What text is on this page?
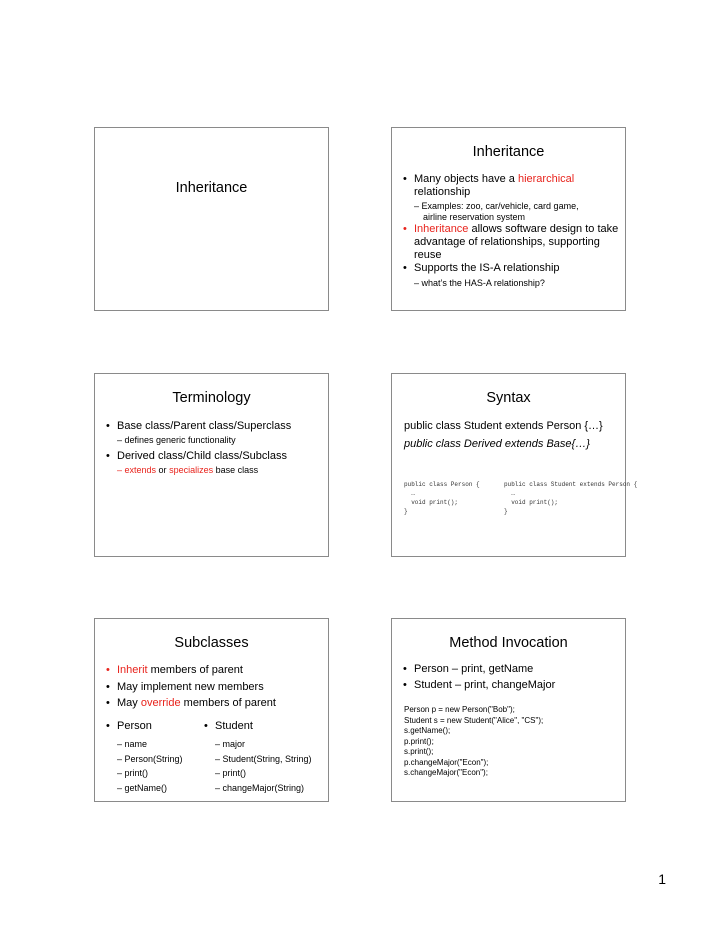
Inheritance
Inheritance
• Many objects have a hierarchical
relationship
– Examples: zoo, car/vehicle, card game,
airline reservation system
• Inheritance allows software design to take
advantage of relationships, supporting
reuse
• Supports the IS-A relationship
– what’s the HAS-A relationship?
Terminology
• Base class/Parent class/Superclass
– defines generic functionality
• Derived class/Child class/Subclass
– extends or specializes base class
Syntax
public class Student extends Person {…}
public class Derived extends Base{…}
public class Person {
…
void print();
}
public class Student extends Person {
…
void print();
}
Subclasses
• Inherit members of parent
• May implement new members
• May override members of parent
• Person	• Student
– name
– Person(String)
– print()
– getName()
– major
– Student(String, String)
– print()
– changeMajor(String)
Method Invocation
• Person – print, getName
• Student – print, changeMajor
Person p = new Person("Bob");
Student s = new Student("Alice", "CS");
s.getName();
p.print();
s.print();
p.changeMajor("Econ");
s.changeMajor("Econ");
1
